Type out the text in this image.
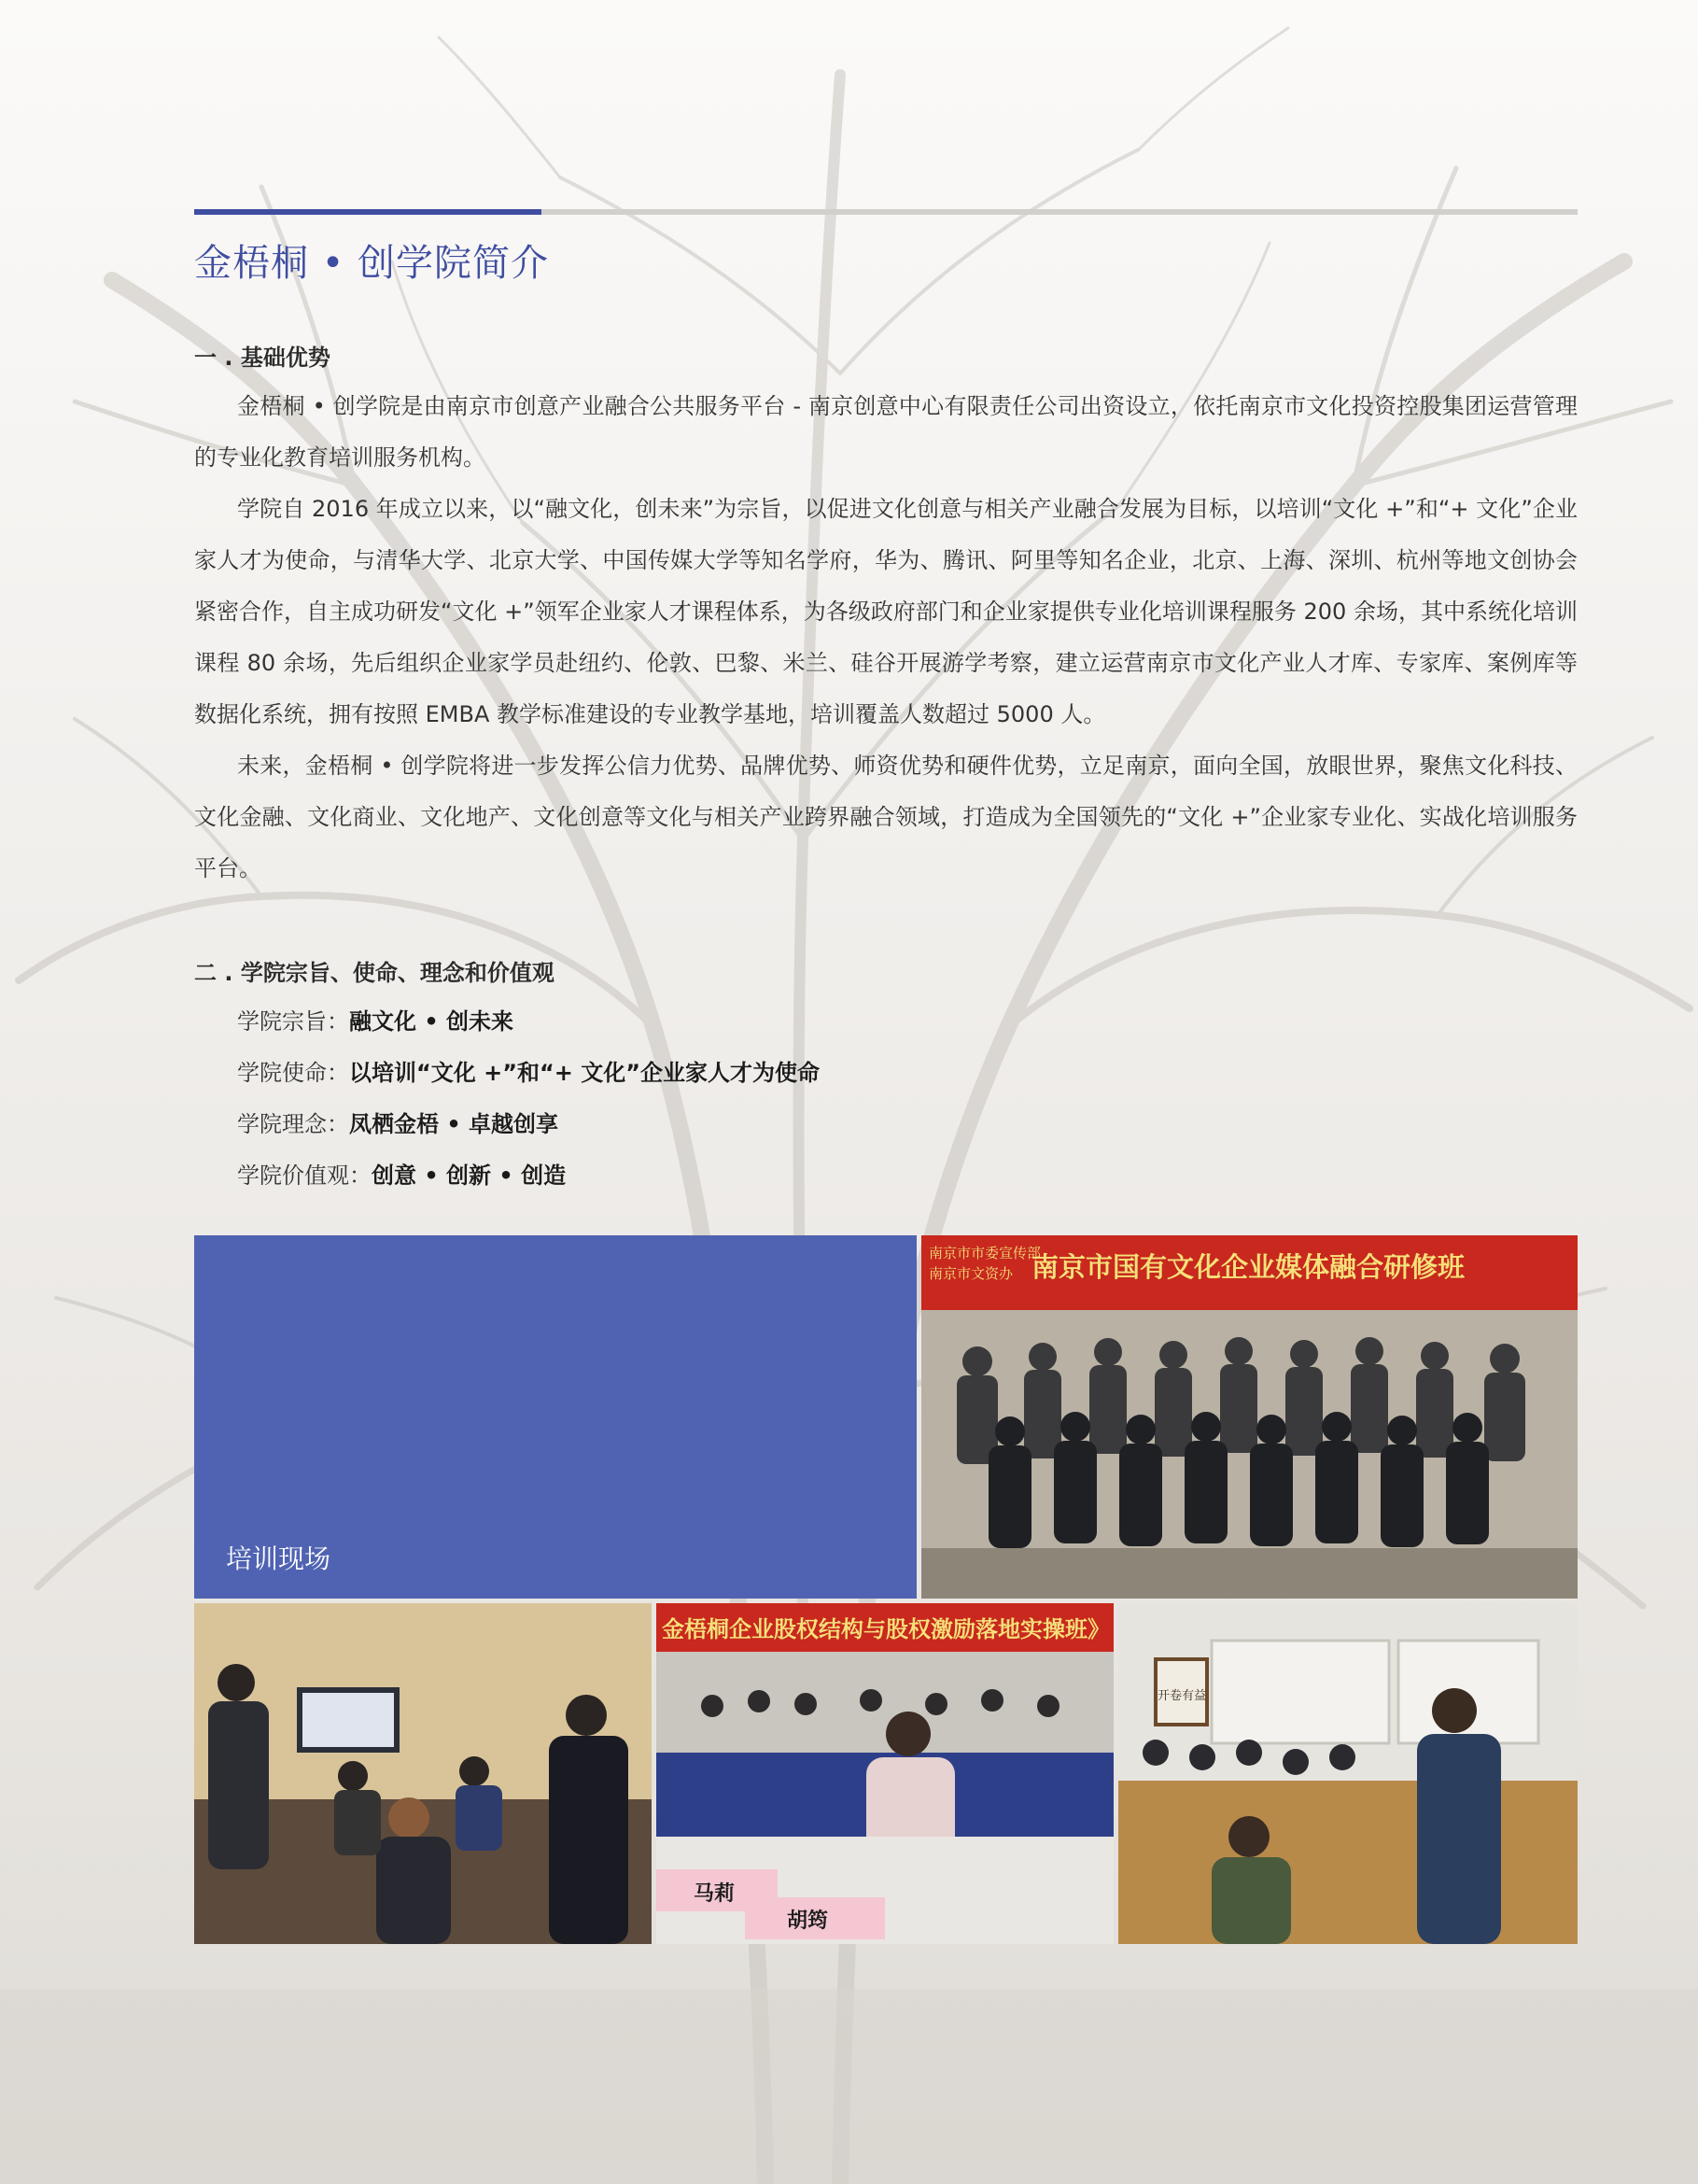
金梧桐 • 创学院简介
一 . 基础优势
金梧桐 • 创学院是由南京市创意产业融合公共服务平台 - 南京创意中心有限责任公司出资设立，依托南京市文化投资控股集团运营管理的专业化教育培训服务机构。
学院自 2016 年成立以来，以“融文化，创未来”为宗旨，以促进文化创意与相关产业融合发展为目标，以培训“文化 +”和“+ 文化”企业家人才为使命，与清华大学、北京大学、中国传媒大学等知名学府，华为、腾讯、阿里等知名企业，北京、上海、深圳、杭州等地文创协会紧密合作，自主成功研发“文化 +”领军企业家人才课程体系，为各级政府部门和企业家提供专业化培训课程服务 200 余场，其中系统化培训课程 80 余场，先后组织企业家学员赴纽约、伦敦、巴黎、米兰、硅谷开展游学考察，建立运营南京市文化产业人才库、专家库、案例库等数据化系统，拥有按照 EMBA 教学标准建设的专业教学基地，培训覆盖人数超过 5000 人。
未来，金梧桐 • 创学院将进一步发挥公信力优势、品牌优势、师资优势和硬件优势，立足南京，面向全国，放眼世界，聚焦文化科技、文化金融、文化商业、文化地产、文化创意等文化与相关产业跨界融合领域，打造成为全国领先的“文化 +”企业家专业化、实战化培训服务平台。
二 . 学院宗旨、使命、理念和价值观
学院宗旨：融文化 • 创未来
学院使命：以培训“文化 +”和“+ 文化”企业家人才为使命
学院理念：凤栖金梧 • 卓越创享
学院价值观：创意 • 创新 • 创造
培训现场
南京市市委宣传部
南京市文资办 南京市国有文化企业媒体融合研修班
金梧桐企业股权结构与股权激励落地实操班》
马莉
胡筠
开卷有益
